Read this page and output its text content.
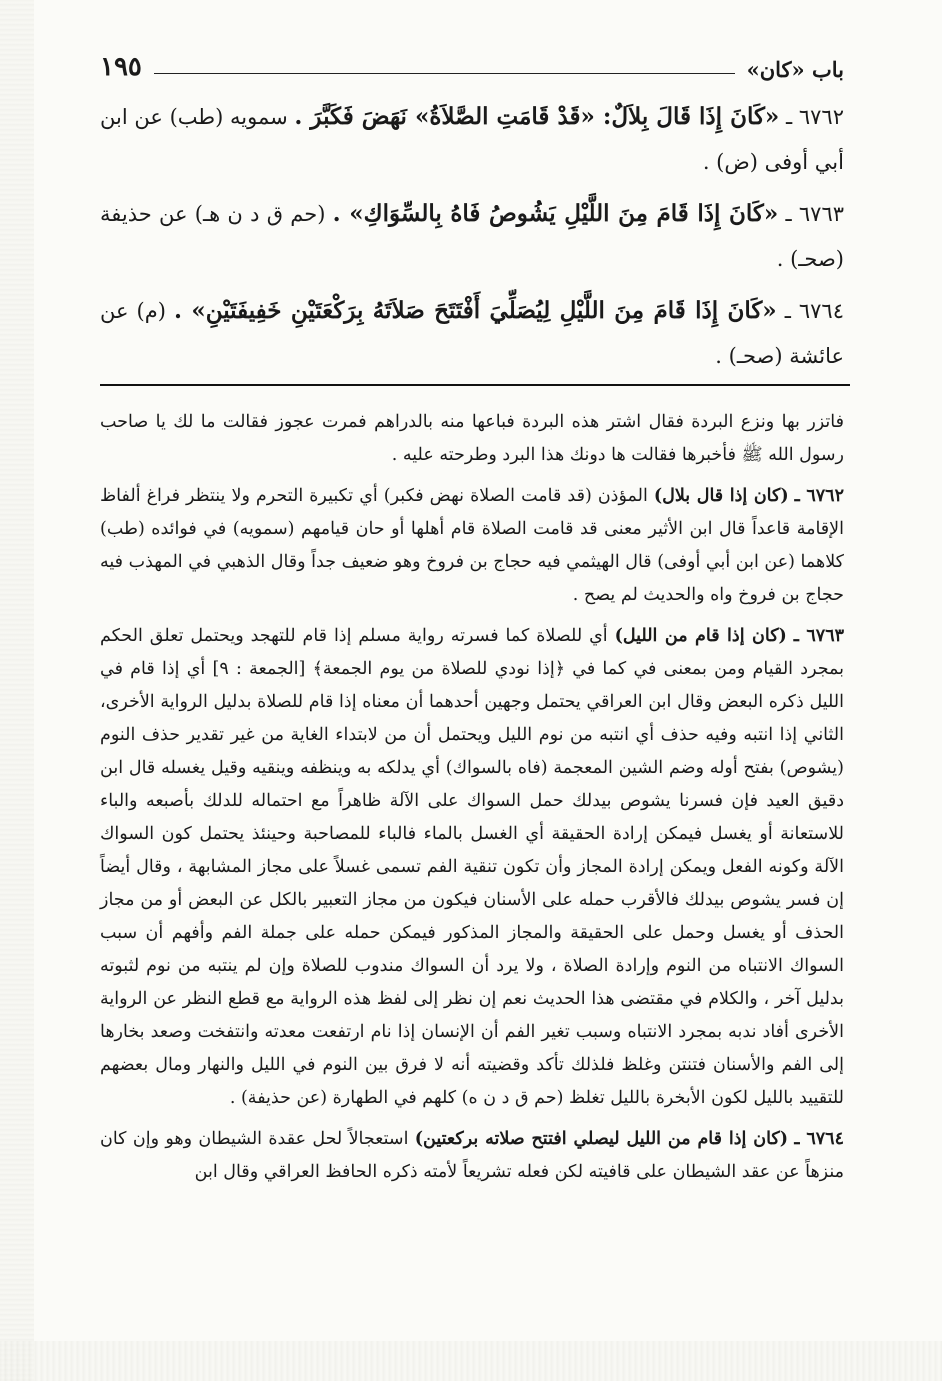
١٩٥	باب «كان»

٦٧٦٢ ـ «كَانَ إِذَا قَالَ بِلاَلٌ: «قَدْ قَامَتِ الصَّلاَةُ» نَهَضَ فَكَبَّرَ . سمويه (طب) عن ابن أبي أوفى (ض) .

٦٧٦٣ ـ «كَانَ إِذَا قَامَ مِنَ اللَّيْلِ يَشُوصُ فَاهُ بِالسِّوَاكِ» . (حم ق د ن هـ) عن حذيفة (صحـ) .

٦٧٦٤ ـ «كَانَ إِذَا قَامَ مِنَ اللَّيْلِ لِيُصَلِّيَ أَفْتَتَحَ صَلاَتَهُ بِرَكْعَتَيْنِ خَفِيفَتَيْنِ» . (م) عن عائشة (صحـ) .

فاتزر بها ونزع البردة فقال اشتر هذه البردة فباعها منه بالدراهم فمرت عجوز فقالت ما لك يا صاحب رسول الله ﷺ فأخبرها فقالت ها دونك هذا البرد وطرحته عليه .

٦٧٦٢ ـ (كان إذا قال بلال) المؤذن (قد قامت الصلاة نهض فكبر) أي تكبيرة التحرم ولا ينتظر فراغ ألفاظ الإقامة قاعداً قال ابن الأثير معنى قد قامت الصلاة قام أهلها أو حان قيامهم (سمويه) في فوائده (طب) كلاهما (عن ابن أبي أوفى) قال الهيثمي فيه حجاج بن فروخ وهو ضعيف جداً وقال الذهبي في المهذب فيه حجاج بن فروخ واه والحديث لم يصح .

٦٧٦٣ ـ (كان إذا قام من الليل) أي للصلاة كما فسرته رواية مسلم إذا قام للتهجد ويحتمل تعلق الحكم بمجرد القيام ومن بمعنى في كما في ﴿إذا نودي للصلاة من يوم الجمعة﴾ [الجمعة : ٩] أي إذا قام في الليل ذكره البعض وقال ابن العراقي يحتمل وجهين أحدهما أن معناه إذا قام للصلاة بدليل الرواية الأخرى، الثاني إذا انتبه وفيه حذف أي انتبه من نوم الليل ويحتمل أن من لابتداء الغاية من غير تقدير حذف النوم (يشوص) بفتح أوله وضم الشين المعجمة (فاه بالسواك) أي يدلكه به وينظفه وينقيه وقيل يغسله قال ابن دقيق العيد فإن فسرنا يشوص بيدلك حمل السواك على الآلة ظاهراً مع احتماله للدلك بأصبعه والباء للاستعانة أو يغسل فيمكن إرادة الحقيقة أي الغسل بالماء فالباء للمصاحبة وحينئذ يحتمل كون السواك الآلة وكونه الفعل ويمكن إرادة المجاز وأن تكون تنقية الفم تسمى غسلاً على مجاز المشابهة ، وقال أيضاً إن فسر يشوص بيدلك فالأقرب حمله على الأسنان فيكون من مجاز التعبير بالكل عن البعض أو من مجاز الحذف أو يغسل وحمل على الحقيقة والمجاز المذكور فيمكن حمله على جملة الفم وأفهم أن سبب السواك الانتباه من النوم وإرادة الصلاة ، ولا يرد أن السواك مندوب للصلاة وإن لم ينتبه من نوم لثبوته بدليل آخر ، والكلام في مقتضى هذا الحديث نعم إن نظر إلى لفظ هذه الرواية مع قطع النظر عن الرواية الأخرى أفاد ندبه بمجرد الانتباه وسبب تغير الفم أن الإنسان إذا نام ارتفعت معدته وانتفخت وصعد بخارها إلى الفم والأسنان فتنتن وغلظ فلذلك تأكد وقضيته أنه لا فرق بين النوم في الليل والنهار ومال بعضهم للتقييد بالليل لكون الأبخرة بالليل تغلظ (حم ق د ن ه) كلهم في الطهارة (عن حذيفة) .

٦٧٦٤ ـ (كان إذا قام من الليل ليصلي افتتح صلاته بركعتين) استعجالاً لحل عقدة الشيطان وهو وإن كان منزهاً عن عقد الشيطان على قافيته لكن فعله تشريعاً لأمته ذكره الحافظ العراقي وقال ابن
